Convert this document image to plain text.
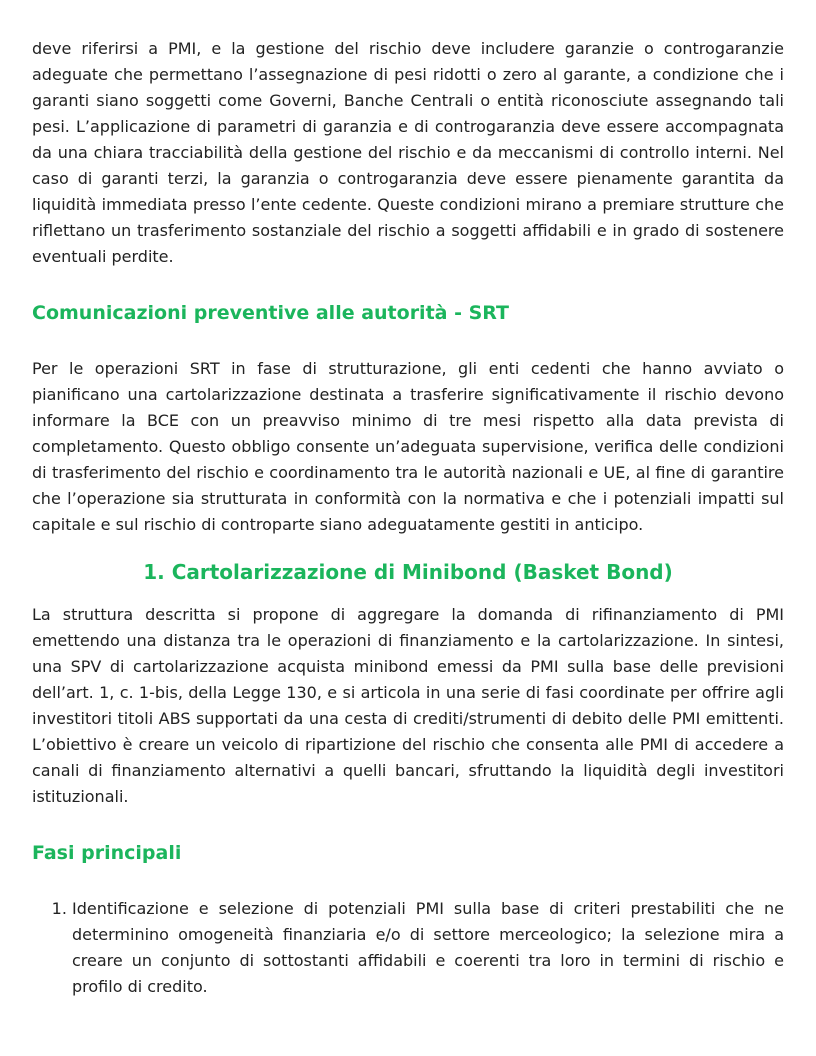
deve riferirsi a PMI, e la gestione del rischio deve includere garanzie o controgaranzie adeguate che permettano l’assegnazione di pesi ridotti o zero al garante, a condizione che i garanti siano soggetti come Governi, Banche Centrali o entità riconosciute assegnando tali pesi. L’applicazione di parametri di garanzia e di controgaranzia deve essere accompagnata da una chiara tracciabilità della gestione del rischio e da meccanismi di controllo interni. Nel caso di garanti terzi, la garanzia o controgaranzia deve essere pienamente garantita da liquidità immediata presso l’ente cedente. Queste condizioni mirano a premiare strutture che riflettano un trasferimento sostanziale del rischio a soggetti affidabili e in grado di sostenere eventuali perdite.

Comunicazioni preventive alle autorità - SRT

Per le operazioni SRT in fase di strutturazione, gli enti cedenti che hanno avviato o pianificano una cartolarizzazione destinata a trasferire significativamente il rischio devono informare la BCE con un preavviso minimo di tre mesi rispetto alla data prevista di completamento. Questo obbligo consente un’adeguata supervisione, verifica delle condizioni di trasferimento del rischio e coordinamento tra le autorità nazionali e UE, al fine di garantire che l’operazione sia strutturata in conformità con la normativa e che i potenziali impatti sul capitale e sul rischio di controparte siano adeguatamente gestiti in anticipo.

1. Cartolarizzazione di Minibond (Basket Bond)

La struttura descritta si propone di aggregare la domanda di rifinanziamento di PMI emettendo una distanza tra le operazioni di finanziamento e la cartolarizzazione. In sintesi, una SPV di cartolarizzazione acquista minibond emessi da PMI sulla base delle previsioni dell’art. 1, c. 1-bis, della Legge 130, e si articola in una serie di fasi coordinate per offrire agli investitori titoli ABS supportati da una cesta di crediti/strumenti di debito delle PMI emittenti. L’obiettivo è creare un veicolo di ripartizione del rischio che consenta alle PMI di accedere a canali di finanziamento alternativi a quelli bancari, sfruttando la liquidità degli investitori istituzionali.

Fasi principali
1. Identificazione e selezione di potenziali PMI sulla base di criteri prestabiliti che ne determinino omogeneità finanziaria e/o di settore merceologico; la selezione mira a creare un conjunto di sottostanti affidabili e coerenti tra loro in termini di rischio e profilo di credito.
